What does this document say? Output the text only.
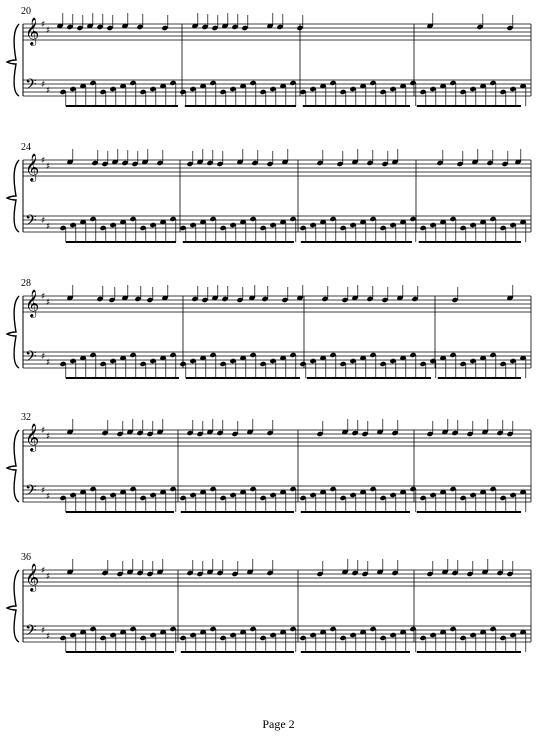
20
𝄞 ♯
♯
𝄢 ♯
♯
24
𝄞 ♯
♯
𝄢 ♯
♯
28
𝄞 ♯
♯
𝄢 ♯
♯
32
𝄞 ♯
♯
𝄢 ♯
♯
36
𝄞 ♯
♯
𝄢 ♯
♯
Page 2
